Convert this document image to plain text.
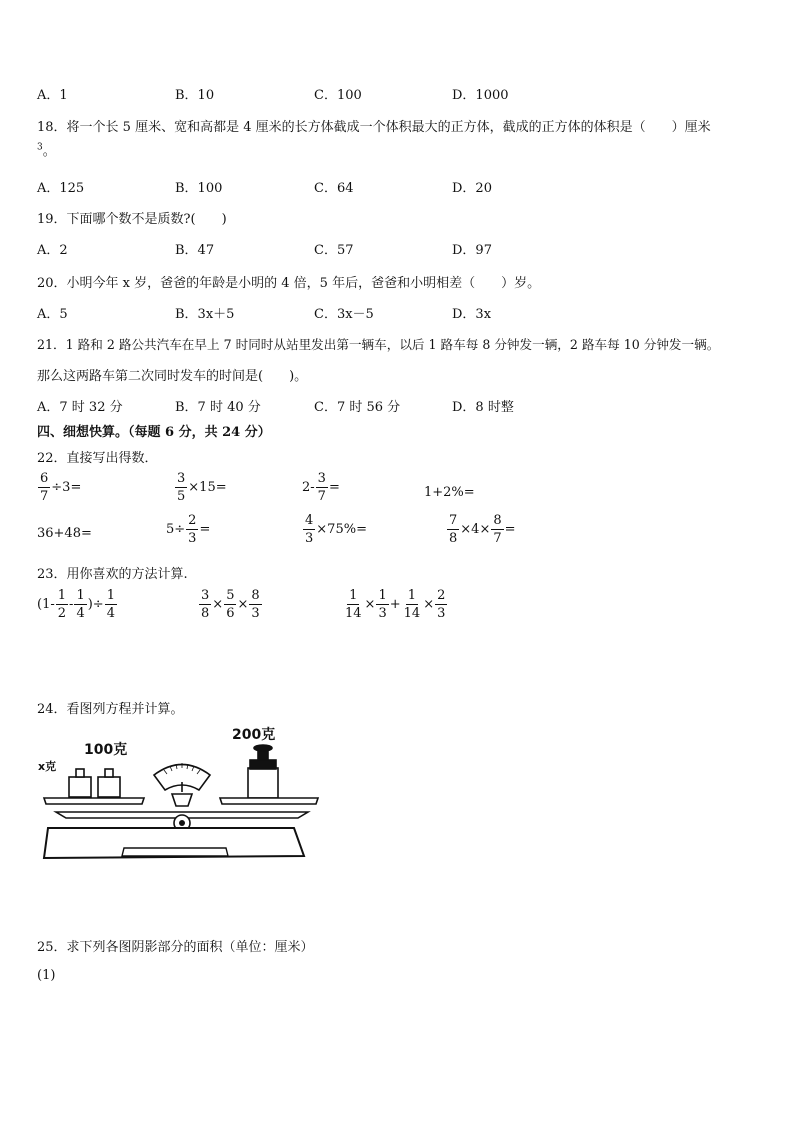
A．1	B．10	C．100	D．1000
18．将一个长 5 厘米、宽和高都是 4 厘米的长方体截成一个体积最大的正方体，截成的正方体的体积是（　　）厘米
$^3$。
A．125	B．100	C．64	D．20
19．下面哪个数不是质数?(　　)
A．2	B．47	C．57	D．97
20．小明今年 x 岁，爸爸的年龄是小明的 4 倍，5 年后，爸爸和小明相差（　　）岁。
A．5	B．3x＋5	C．3x－5	D．3x
21．1 路和 2 路公共汽车在早上 7 时同时从站里发出第一辆车，以后 1 路车每 8 分钟发一辆，2 路车每 10 分钟发一辆。
那么这两路车第二次同时发车的时间是(　　)。
A．7 时 32 分	B．7 时 40 分	C．7 时 56 分	D．8 时整
四、细想快算。（每题 6 分，共 24 分）
22．直接写出得数．
$\frac{6}{7} \div 3=$	$\frac{3}{5} \times 15=$	$2- \frac{3}{7}$ =	1+2%=
36+48=	$5\div \frac{2}{3}$ =	$\frac{4}{3} \times 75\%=$	$\frac{7}{8} \times 4\times \frac{8}{7}$ =
23．用你喜欢的方法计算.
($1- \frac{1}{2} - \frac{1}{4}$ )÷ $\frac{1}{4}$	$\frac{3}{8} \times \frac{5}{6} \times \frac{8}{3}$	$\frac{1}{14} \times \frac{1}{3} + \frac{1}{14} \times \frac{2}{3}$
24．看图列方程并计算。
x克
100克
200克
25．求下列各图阴影部分的面积（单位：厘米）
(1)
